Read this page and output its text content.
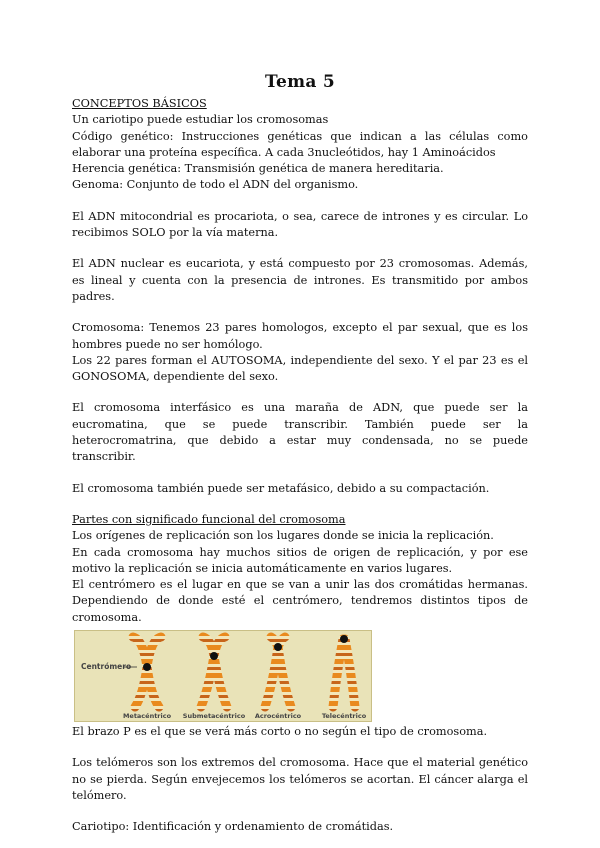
Tema 5

CONCEPTOS BÁSICOS

Un cariotipo puede estudiar los cromosomas

Código genético: Instrucciones genéticas que indican a las células como elaborar una proteína específica. A cada 3nucleótidos, hay 1 Aminoácidos

Herencia genética: Transmisión genética de manera hereditaria.

Genoma: Conjunto de todo el ADN del organismo.

El ADN mitocondrial es procariota, o sea, carece de intrones y es circular. Lo recibimos SOLO por la vía materna.

El ADN nuclear es eucariota, y está compuesto por 23 cromosomas. Además, es lineal y cuenta con la presencia de intrones. Es transmitido por ambos padres.

Cromosoma: Tenemos 23 pares homologos, excepto el par sexual, que es los hombres puede no ser homólogo.

Los 22 pares forman el AUTOSOMA, independiente del sexo. Y el par 23 es el GONOSOMA, dependiente del sexo.

El cromosoma interfásico es una maraña de ADN, que puede ser la eucromatina, que se puede transcribir. También puede ser la heterocromatrina, que debido a estar muy condensada, no se puede transcribir.

El cromosoma también puede ser metafásico, debido a su compactación.

Partes con significado funcional del cromosoma

Los orígenes de replicación son los lugares donde se inicia la replicación.

En cada cromosoma hay muchos sitios de origen de replicación, y por ese motivo la replicación se inicia automáticamente en varios lugares.

El centrómero es el lugar en que se van a unir las dos cromátidas hermanas. Dependiendo de donde esté el centrómero, tendremos distintos tipos de cromosoma.

Centrómero
Metacéntrico Submetacéntrico Acrocéntrico	Telecéntrico

El brazo P es el que se verá más corto o no según el tipo de cromosoma.

Los telómeros son los extremos del cromosoma. Hace que el material genético no se pierda. Según envejecemos los telómeros se acortan. El cáncer alarga el telómero.

Cariotipo: Identificación y ordenamiento de cromátidas.
